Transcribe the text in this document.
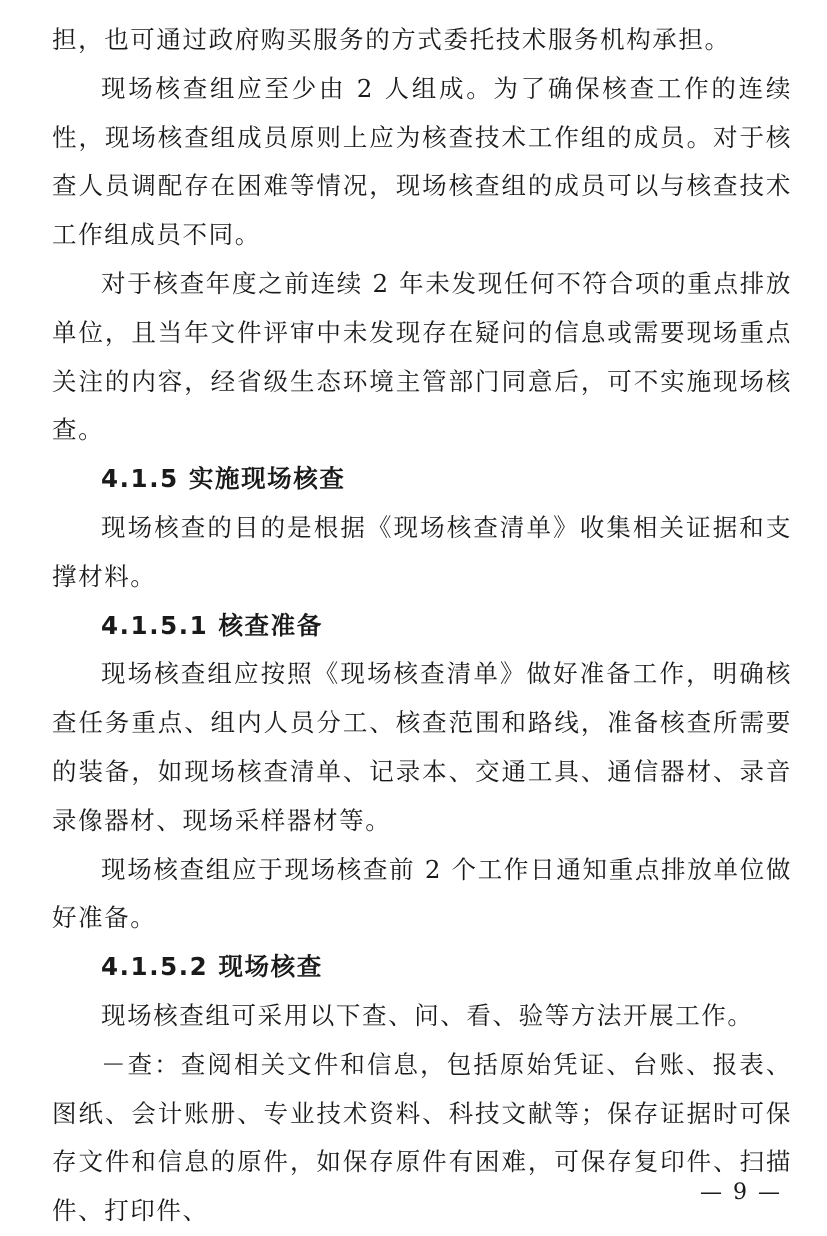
担，也可通过政府购买服务的方式委托技术服务机构承担。

现场核查组应至少由 2 人组成。为了确保核查工作的连续性，现场核查组成员原则上应为核查技术工作组的成员。对于核查人员调配存在困难等情况，现场核查组的成员可以与核查技术工作组成员不同。

对于核查年度之前连续 2 年未发现任何不符合项的重点排放单位，且当年文件评审中未发现存在疑问的信息或需要现场重点关注的内容，经省级生态环境主管部门同意后，可不实施现场核查。

4.1.5 实施现场核查

现场核查的目的是根据《现场核查清单》收集相关证据和支撑材料。

4.1.5.1 核查准备

现场核查组应按照《现场核查清单》做好准备工作，明确核查任务重点、组内人员分工、核查范围和路线，准备核查所需要的装备，如现场核查清单、记录本、交通工具、通信器材、录音录像器材、现场采样器材等。

现场核查组应于现场核查前 2 个工作日通知重点排放单位做好准备。

4.1.5.2 现场核查

现场核查组可采用以下查、问、看、验等方法开展工作。

－查：查阅相关文件和信息，包括原始凭证、台账、报表、图纸、会计账册、专业技术资料、科技文献等；保存证据时可保存文件和信息的原件，如保存原件有困难，可保存复印件、扫描件、打印件、

— 9 —
